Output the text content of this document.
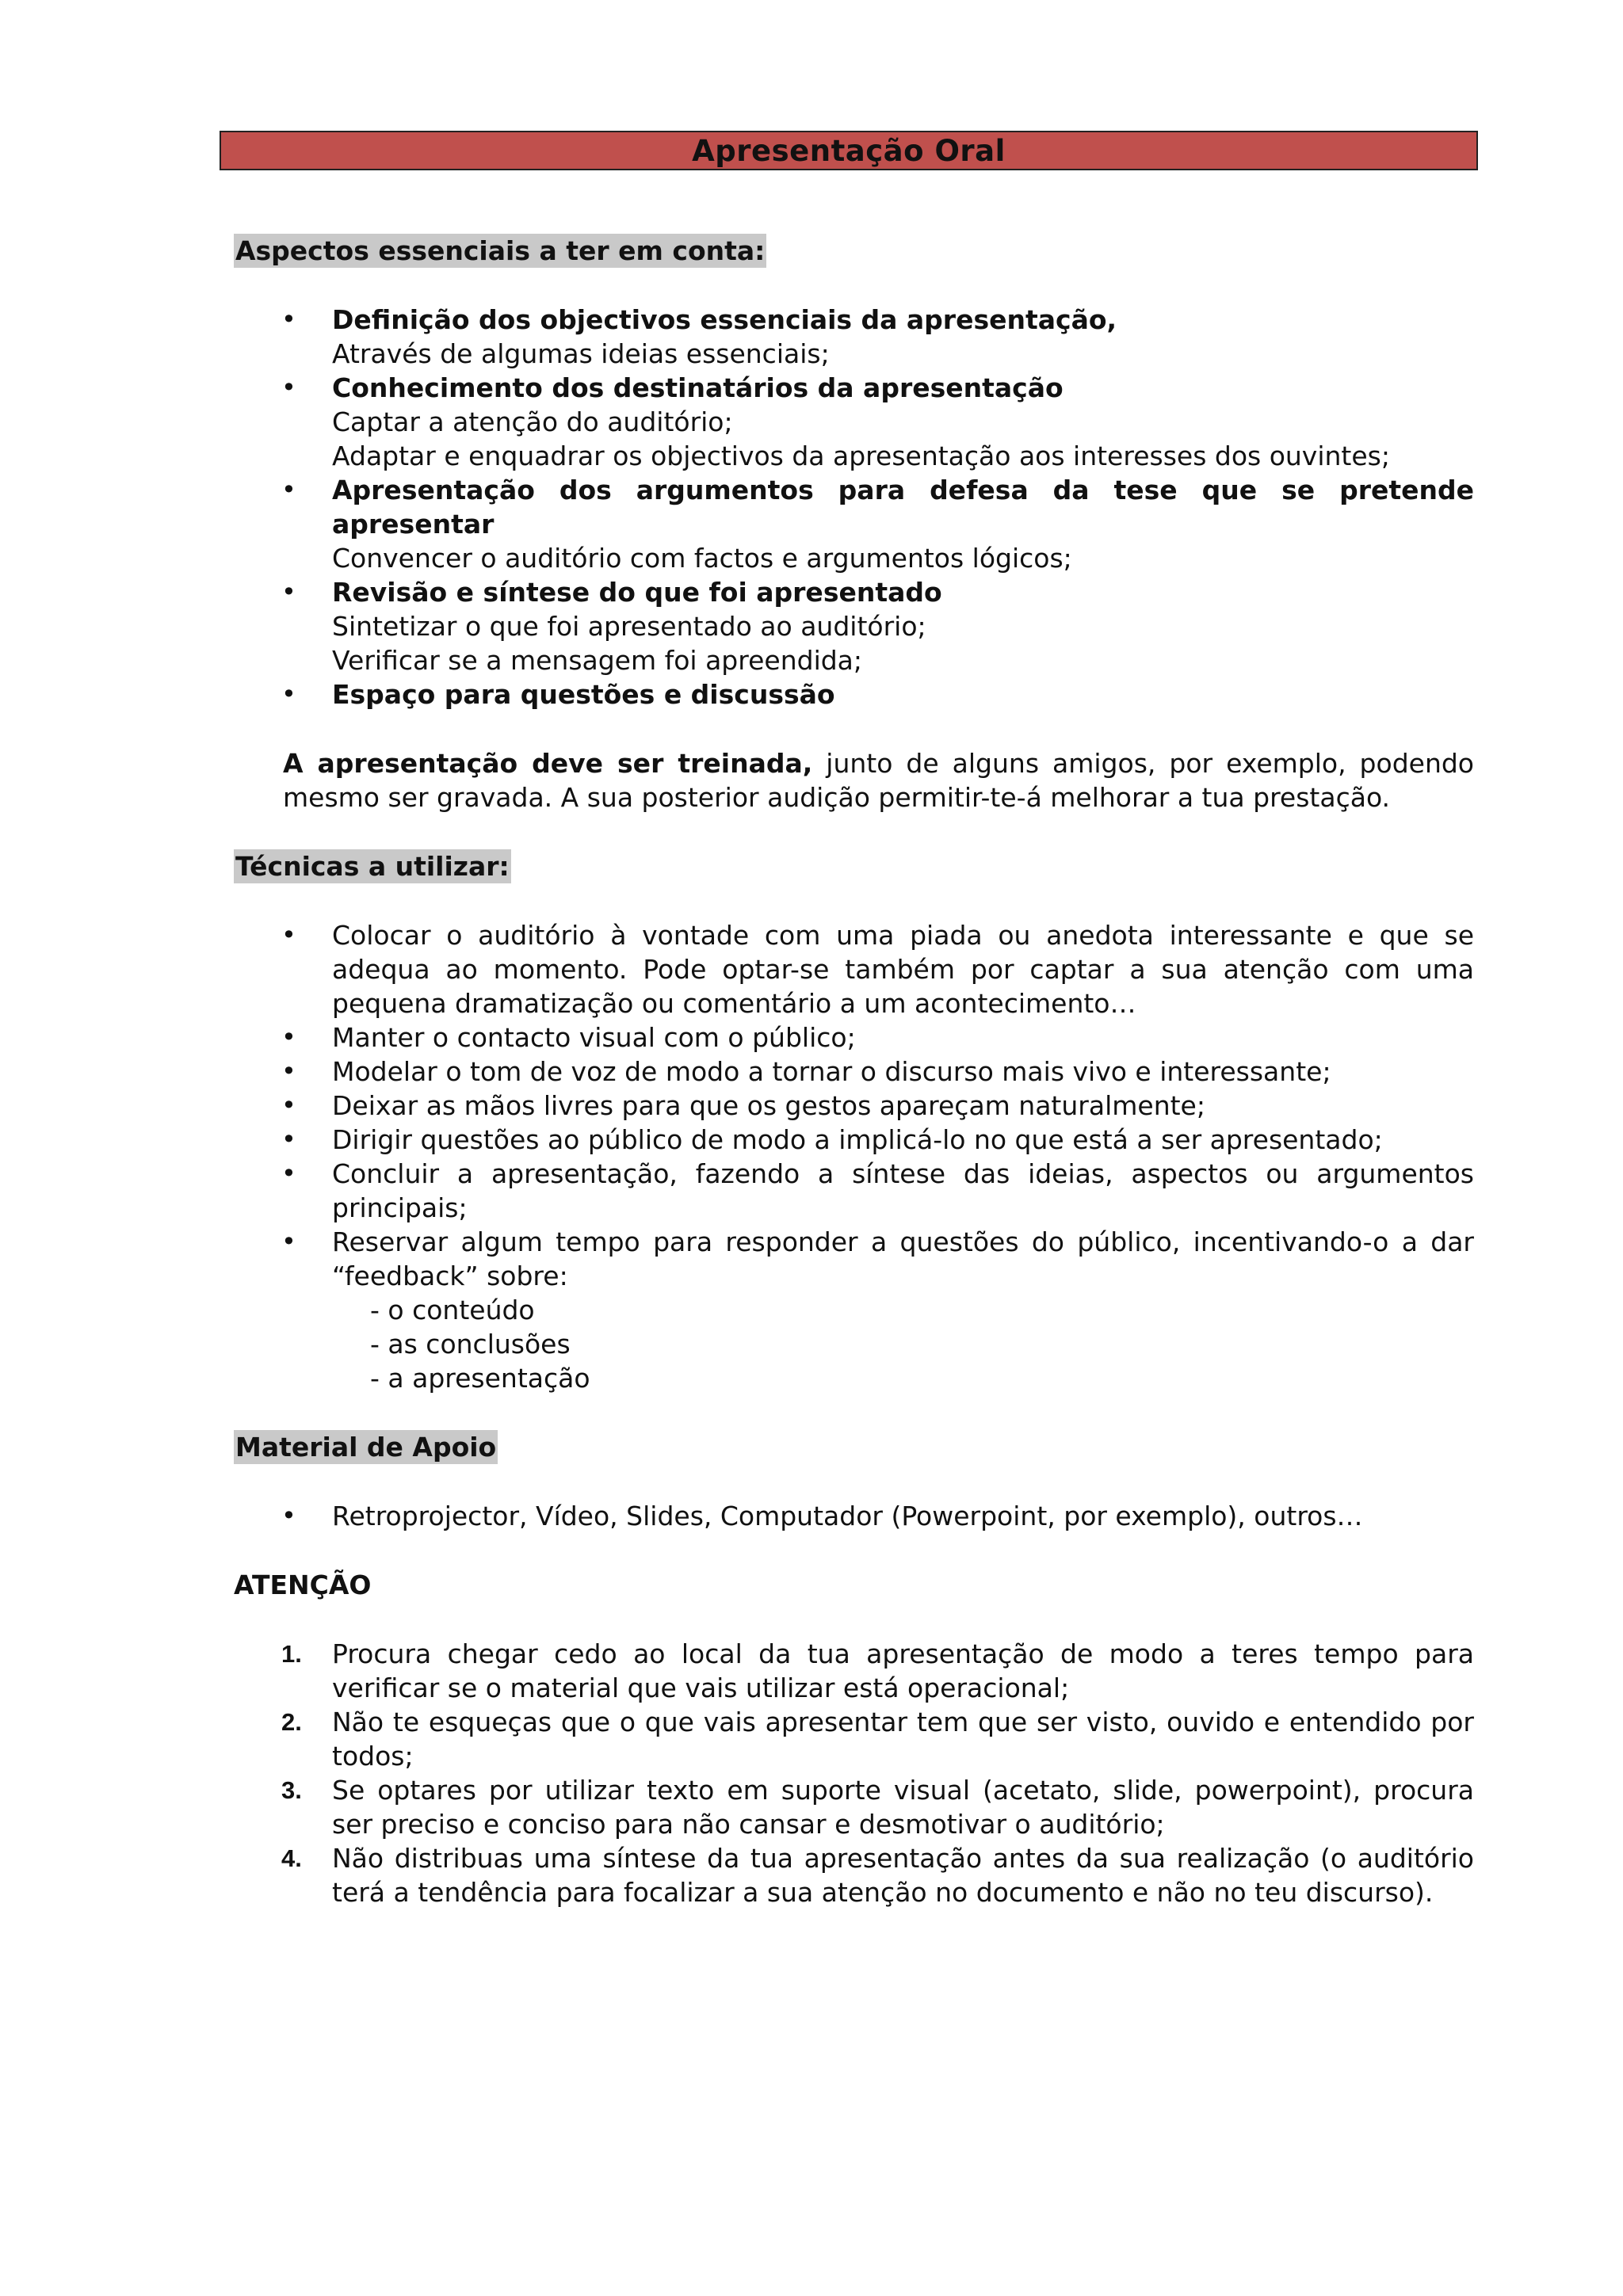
Apresentação Oral
Aspectos essenciais a ter em conta:
• Definição dos objectivos essenciais da apresentação,
Através de algumas ideias essenciais;
• Conhecimento dos destinatários da apresentação
Captar a atenção do auditório;
Adaptar e enquadrar os objectivos da apresentação aos interesses dos ouvintes;
• Apresentação dos argumentos para defesa da tese que se pretende apresentar
Convencer o auditório com factos e argumentos lógicos;
• Revisão e síntese do que foi apresentado
Sintetizar o que foi apresentado ao auditório;
Verificar se a mensagem foi apreendida;
• Espaço para questões e discussão

A apresentação deve ser treinada, junto de alguns amigos, por exemplo, podendo mesmo ser gravada. A sua posterior audição permitir-te-á melhorar a tua prestação.

Técnicas a utilizar:
• Colocar o auditório à vontade com uma piada ou anedota interessante e que se adequa ao momento. Pode optar-se também por captar a sua atenção com uma pequena dramatização ou comentário a um acontecimento…
• Manter o contacto visual com o público;
• Modelar o tom de voz de modo a tornar o discurso mais vivo e interessante;
• Deixar as mãos livres para que os gestos apareçam naturalmente;
• Dirigir questões ao público de modo a implicá-lo no que está a ser apresentado;
• Concluir a apresentação, fazendo a síntese das ideias, aspectos ou argumentos principais;
• Reservar algum tempo para responder a questões do público, incentivando-o a dar “feedback” sobre:
- o conteúdo
- as conclusões
- a apresentação
Material de Apoio
• Retroprojector, Vídeo, Slides, Computador (Powerpoint, por exemplo), outros…
ATENÇÃO
1. Procura chegar cedo ao local da tua apresentação de modo a teres tempo para verificar se o material que vais utilizar está operacional;
2. Não te esqueças que o que vais apresentar tem que ser visto, ouvido e entendido por todos;
3. Se optares por utilizar texto em suporte visual (acetato, slide, powerpoint), procura ser preciso e conciso para não cansar e desmotivar o auditório;
4. Não distribuas uma síntese da tua apresentação antes da sua realização (o auditório terá a tendência para focalizar a sua atenção no documento e não no teu discurso).
